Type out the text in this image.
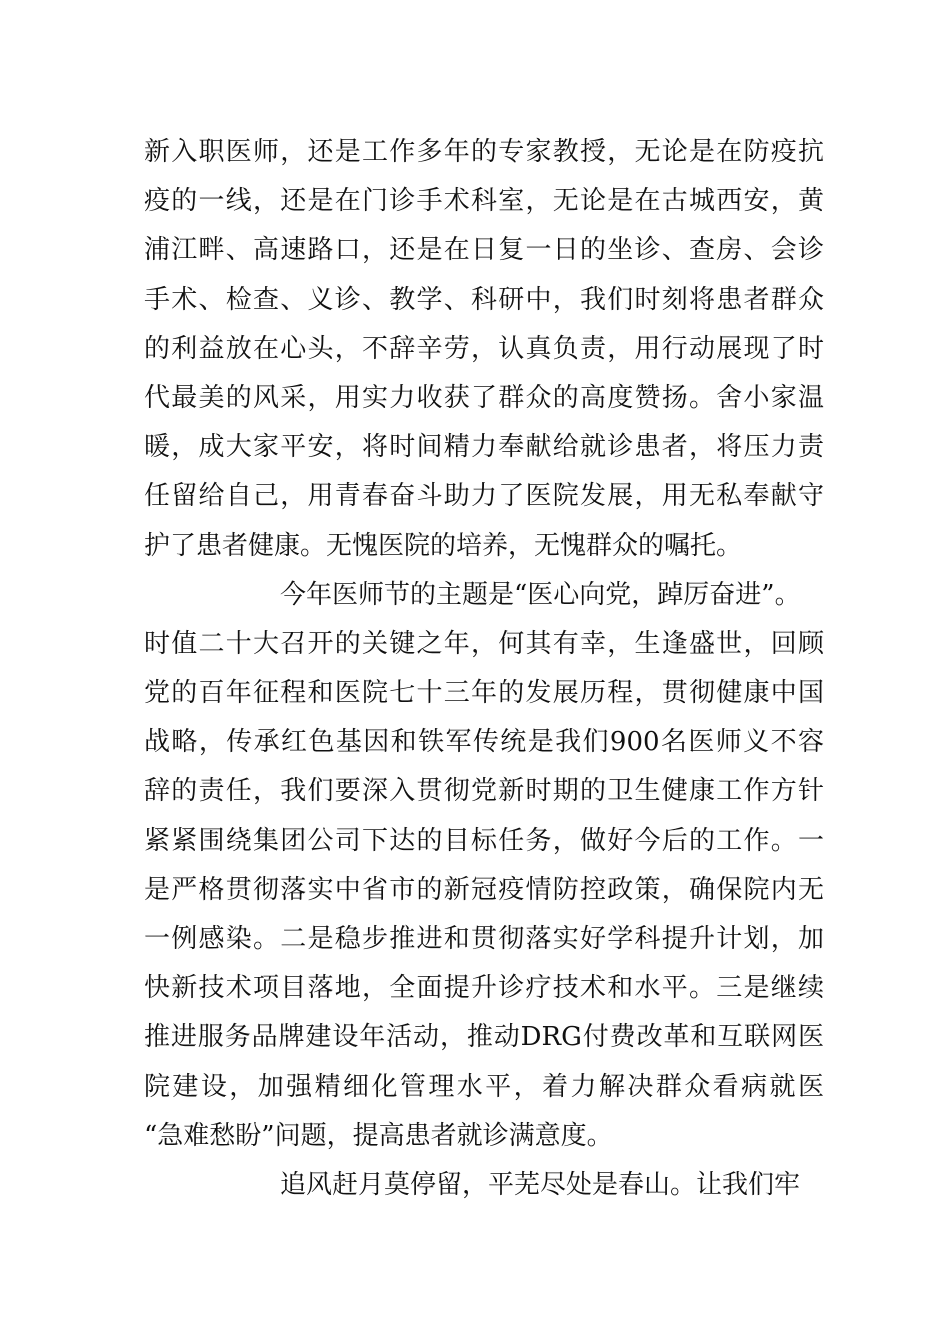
新入职医师，还是工作多年的专家教授，无论是在防疫抗
疫的一线，还是在门诊手术科室，无论是在古城西安，黄
浦江畔、高速路口，还是在日复一日的坐诊、查房、会诊
手术、检查、义诊、教学、科研中，我们时刻将患者群众
的利益放在心头，不辞辛劳，认真负责，用行动展现了时
代最美的风采，用实力收获了群众的高度赞扬。舍小家温
暖，成大家平安，将时间精力奉献给就诊患者，将压力责
任留给自己，用青春奋斗助力了医院发展，用无私奉献守
护了患者健康。无愧医院的培养，无愧群众的嘱托。
今年医师节的主题是“医心向党，踔厉奋进”。
时值二十大召开的关键之年，何其有幸，生逢盛世，回顾
党的百年征程和医院七十三年的发展历程，贯彻健康中国
战略，传承红色基因和铁军传统是我们900名医师义不容
辞的责任，我们要深入贯彻党新时期的卫生健康工作方针
紧紧围绕集团公司下达的目标任务，做好今后的工作。一
是严格贯彻落实中省市的新冠疫情防控政策，确保院内无
一例感染。二是稳步推进和贯彻落实好学科提升计划，加
快新技术项目落地，全面提升诊疗技术和水平。三是继续
推进服务品牌建设年活动，推动DRG付费改革和互联网医
院建设，加强精细化管理水平，着力解决群众看病就医
“急难愁盼”问题，提高患者就诊满意度。
追风赶月莫停留，平芜尽处是春山。让我们牢
